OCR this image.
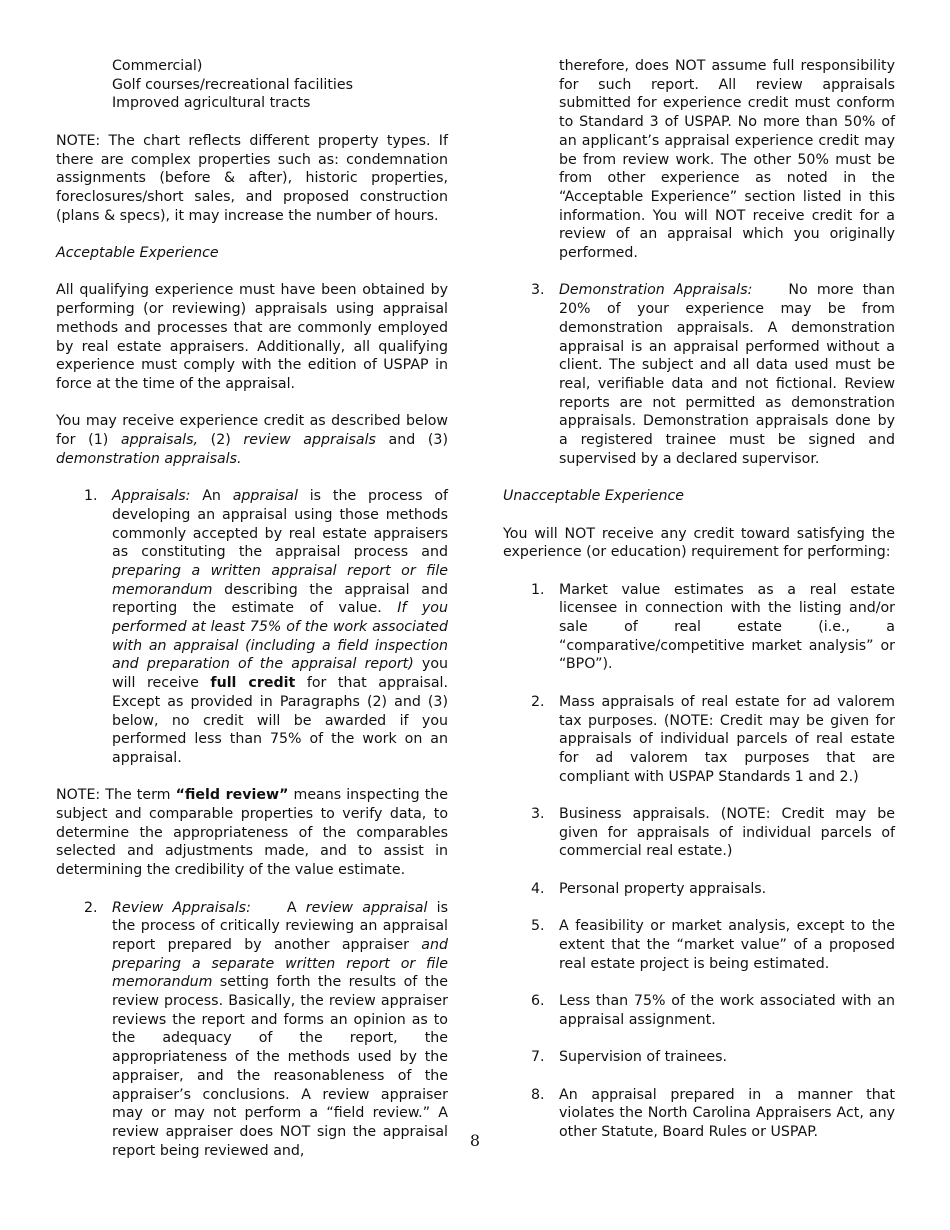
Commercial)

Golf courses/recreational facilities

Improved agricultural tracts

NOTE: The chart reflects different property types. If there are complex properties such as: condemnation assignments (before & after), historic properties, foreclosures/short sales, and proposed construction (plans & specs), it may increase the number of hours.

Acceptable Experience

All qualifying experience must have been obtained by performing (or reviewing) appraisals using appraisal methods and processes that are commonly employed by real estate appraisers. Additionally, all qualifying experience must comply with the edition of USPAP in force at the time of the appraisal.

You may receive experience credit as described below for (1) appraisals, (2) review appraisals and (3) demonstration appraisals.

1. Appraisals: An appraisal is the process of developing an appraisal using those methods commonly accepted by real estate appraisers as constituting the appraisal process and preparing a written appraisal report or file memorandum describing the appraisal and reporting the estimate of value. If you performed at least 75% of the work associated with an appraisal (including a field inspection and preparation of the appraisal report) you will receive full credit for that appraisal. Except as provided in Paragraphs (2) and (3) below, no credit will be awarded if you performed less than 75% of the work on an appraisal.

NOTE: The term “field review” means inspecting the subject and comparable properties to verify data, to determine the appropriateness of the comparables selected and adjustments made, and to assist in determining the credibility of the value estimate.

2. Review Appraisals:	A review appraisal is the process of critically reviewing an appraisal report prepared by another appraiser and preparing a separate written report or file memorandum setting forth the results of the review process. Basically, the review appraiser reviews the report and forms an opinion as to the adequacy of the report, the appropriateness of the methods used by the appraiser, and the reasonableness of the appraiser’s conclusions. A review appraiser may or may not perform a “field review.” A review appraiser does NOT sign the appraisal report being reviewed and,
therefore, does NOT assume full responsibility for such report. All review appraisals submitted for experience credit must conform to Standard 3 of USPAP. No more than 50% of an applicant’s appraisal experience credit may be from review work. The other 50% must be from other experience as noted in the “Acceptable Experience” section listed in this information. You will NOT receive credit for a review of an appraisal which you originally performed.
3. Demonstration Appraisals:	No more than 20% of your experience may be from demonstration appraisals. A demonstration appraisal is an appraisal performed without a client. The subject and all data used must be real, verifiable data and not fictional. Review reports are not permitted as demonstration appraisals. Demonstration appraisals done by a registered trainee must be signed and supervised by a declared supervisor.

Unacceptable Experience

You will NOT receive any credit toward satisfying the experience (or education) requirement for performing:

1. Market value estimates as a real estate licensee in connection with the listing and/or sale of real estate (i.e., a “comparative/competitive market analysis” or “BPO”).
2. Mass appraisals of real estate for ad valorem tax purposes. (NOTE: Credit may be given for appraisals of individual parcels of real estate for ad valorem tax purposes that are compliant with USPAP Standards 1 and 2.)
3. Business appraisals. (NOTE: Credit may be given for appraisals of individual parcels of commercial real estate.)
4. Personal property appraisals.
5. A feasibility or market analysis, except to the extent that the “market value” of a proposed real estate project is being estimated.
6. Less than 75% of the work associated with an appraisal assignment.
7. Supervision of trainees.
8. An appraisal prepared in a manner that violates the North Carolina Appraisers Act, any other Statute, Board Rules or USPAP.
8
